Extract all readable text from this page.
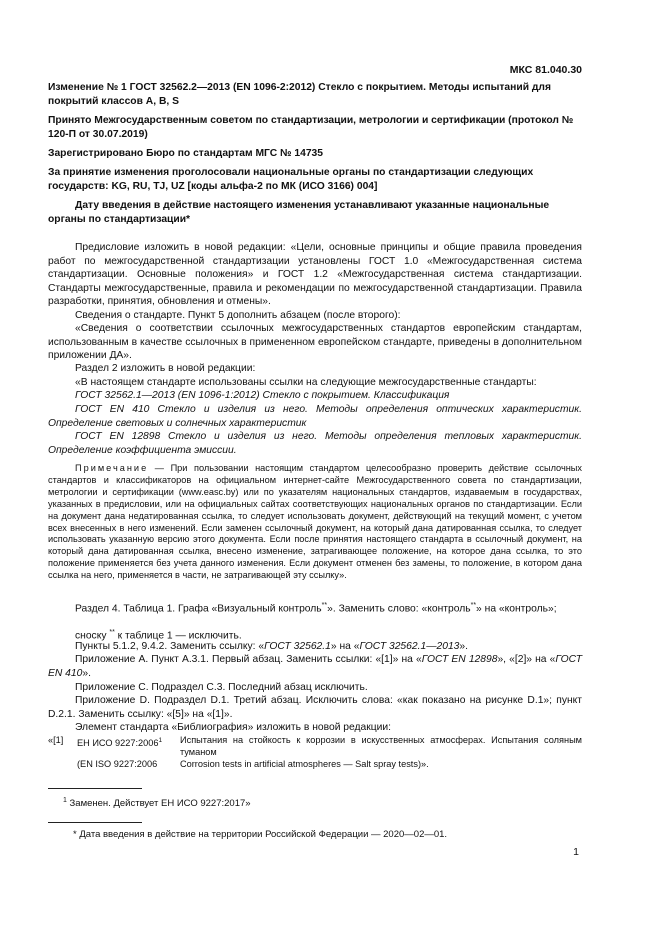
МКС 81.040.30
Изменение № 1 ГОСТ 32562.2—2013 (EN 1096-2:2012) Стекло с покрытием. Методы испытаний для покрытий классов А, В, S
Принято Межгосударственным советом по стандартизации, метрологии и сертификации (протокол № 120-П от 30.07.2019)
Зарегистрировано Бюро по стандартам МГС № 14735
За принятие изменения проголосовали национальные органы по стандартизации следующих государств: KG, RU, TJ, UZ [коды альфа-2 по МК (ИСО 3166) 004]
Дату введения в действие настоящего изменения устанавливают указанные национальные органы по стандартизации*
Предисловие изложить в новой редакции: «Цели, основные принципы и общие правила проведения работ по межгосударственной стандартизации установлены ГОСТ 1.0 «Межгосударственная система стандартизации. Основные положения» и ГОСТ 1.2 «Межгосударственная система стандартизации. Стандарты межгосударственные, правила и рекомендации по межгосударственной стандартизации. Правила разработки, принятия, обновления и отмены».
Сведения о стандарте. Пункт 5 дополнить абзацем (после второго):
«Сведения о соответствии ссылочных межгосударственных стандартов европейским стандартам, использованным в качестве ссылочных в примененном европейском стандарте, приведены в дополнительном приложении ДА».
Раздел 2 изложить в новой редакции:
«В настоящем стандарте использованы ссылки на следующие межгосударственные стандарты:
ГОСТ 32562.1—2013 (EN 1096-1:2012) Стекло с покрытием. Классификация
ГОСТ EN 410 Стекло и изделия из него. Методы определения оптических характеристик. Определение световых и солнечных характеристик
ГОСТ EN 12898 Стекло и изделия из него. Методы определения тепловых характеристик. Определение коэффициента эмиссии.
Примечание — При пользовании настоящим стандартом целесообразно проверить действие ссылочных стандартов и классификаторов на официальном интернет-сайте Межгосударственного совета по стандартизации, метрологии и сертификации (www.easc.by) или по указателям национальных стандартов, издаваемым в государствах, указанных в предисловии, или на официальных сайтах соответствующих национальных органов по стандартизации. Если на документ дана недатированная ссылка, то следует использовать документ, действующий на текущий момент, с учетом всех внесенных в него изменений. Если заменен ссылочный документ, на который дана датированная ссылка, то следует использовать указанную версию этого документа. Если после принятия настоящего стандарта в ссылочный документ, на который дана датированная ссылка, внесено изменение, затрагивающее положение, на которое дана ссылка, то это положение применяется без учета данного изменения. Если документ отменен без замены, то положение, в котором дана ссылка на него, применяется в части, не затрагивающей эту ссылку».
Раздел 4. Таблица 1. Графа «Визуальный контроль**». Заменить слово: «контроль**» на «контроль»;
сноску ** к таблице 1 — исключить.
Пункты 5.1.2, 9.4.2. Заменить ссылку: «ГОСТ 32562.1» на «ГОСТ 32562.1—2013».
Приложение А. Пункт А.3.1. Первый абзац. Заменить ссылки: «[1]» на «ГОСТ EN 12898», «[2]» на «ГОСТ EN 410».
Приложение С. Подраздел С.3. Последний абзац исключить.
Приложение D. Подраздел D.1. Третий абзац. Исключить слова: «как показано на рисунке D.1»; пункт D.2.1. Заменить ссылку: «[5]» на «[1]».
Элемент стандарта «Библиография» изложить в новой редакции:
«[1] ЕН ИСО 9227:2006$^1$ Испытания на стойкость к коррозии в искусственных атмосферах. Испытания соляным туманом
(EN ISO 9227:2006 Corrosion tests in artificial atmospheres — Salt spray tests)».
$^1$ Заменен. Действует ЕН ИСО 9227:2017»
* Дата введения в действие на территории Российской Федерации — 2020—02—01.
1
